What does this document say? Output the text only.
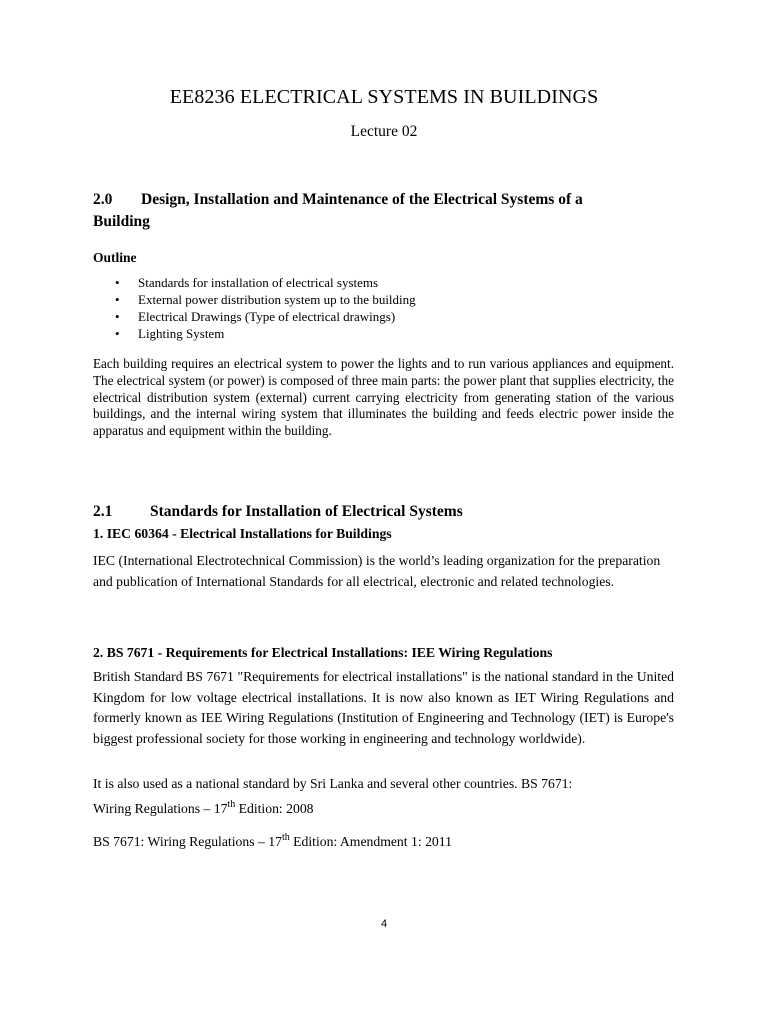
EE8236 ELECTRICAL SYSTEMS IN BUILDINGS
Lecture 02
2.0 Design, Installation and Maintenance of the Electrical Systems of a
Building
Outline
• Standards for installation of electrical systems
• External power distribution system up to the building
• Electrical Drawings (Type of electrical drawings)
• Lighting System

Each building requires an electrical system to power the lights and to run various appliances and equipment. The electrical system (or power) is composed of three main parts: the power plant that supplies electricity, the electrical distribution system (external) current carrying electricity from generating station of the various buildings, and the internal wiring system that illuminates the building and feeds electric power inside the apparatus and equipment within the building.

2.1 Standards for Installation of Electrical Systems
1. IEC 60364 - Electrical Installations for Buildings

IEC (International Electrotechnical Commission) is the world’s leading organization for the preparation and publication of International Standards for all electrical, electronic and related technologies.

2. BS 7671 - Requirements for Electrical Installations: IEE Wiring Regulations

British Standard BS 7671 "Requirements for electrical installations" is the national standard in the United Kingdom for low voltage electrical installations. It is now also known as IET Wiring Regulations and formerly known as IEE Wiring Regulations (Institution of Engineering and Technology (IET) is Europe's biggest professional society for those working in engineering and technology worldwide).

It is also used as a national standard by Sri Lanka and several other countries. BS 7671:

Wiring Regulations – 17th Edition: 2008

BS 7671: Wiring Regulations – 17th Edition: Amendment 1: 2011

4
